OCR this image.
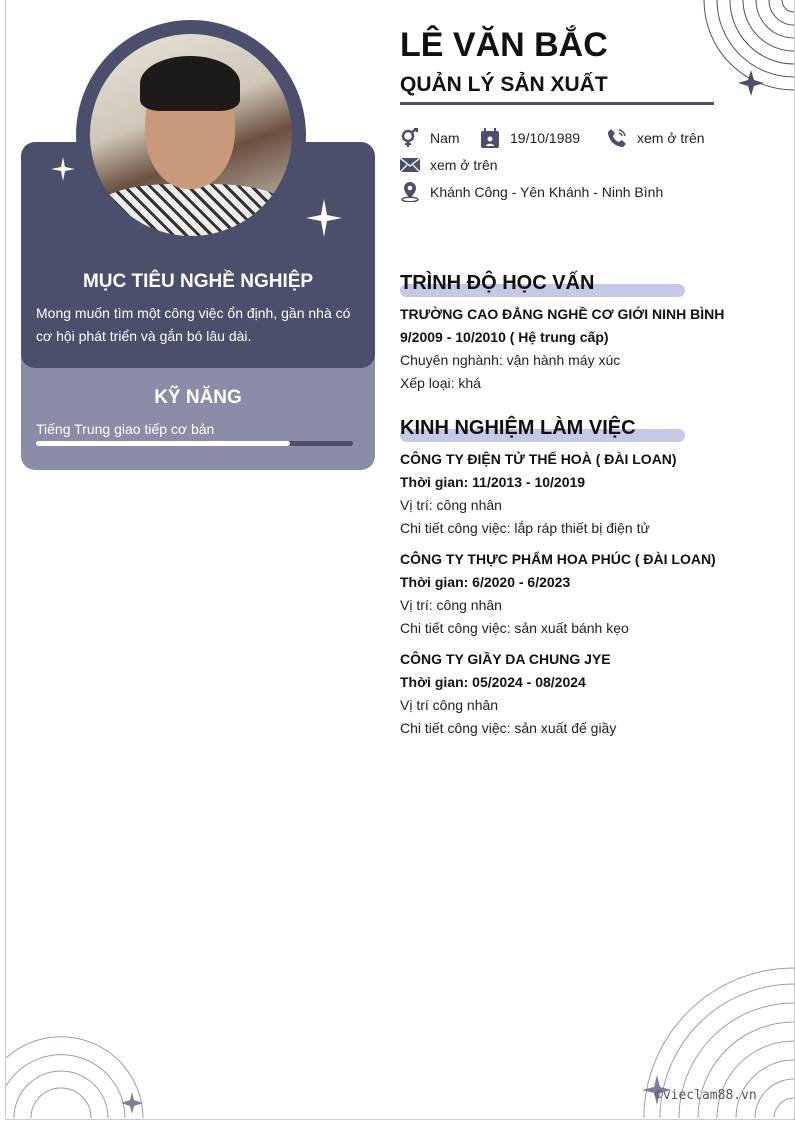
MỤC TIÊU NGHỀ NGHIỆP
Mong muốn tìm một công việc ổn định, gần nhà có cơ hội phát triển và gắn bó lâu dài.
KỸ NĂNG
Tiếng Trung giao tiếp cơ bản
LÊ VĂN BẮC
QUẢN LÝ SẢN XUẤT
Nam	19/10/1989	xem ở trên
xem ở trên
Khánh Công - Yên Khánh - Ninh Bình
TRÌNH ĐỘ HỌC VẤN
TRƯỜNG CAO ĐẲNG NGHỀ CƠ GIỚI NINH BÌNH
9/2009 - 10/2010 ( Hệ trung cấp)
Chuyên nghành: vận hành máy xúc
Xếp loại: khá
KINH NGHIỆM LÀM VIỆC
CÔNG TY ĐIỆN TỬ THẾ HOÀ ( ĐÀI LOAN)
Thời gian: 11/2013 - 10/2019
Vị trí: công nhân
Chi tiết công việc: lắp ráp thiết bị điện tử
CÔNG TY THỰC PHẨM HOA PHÚC ( ĐÀI LOAN)
Thời gian: 6/2020 - 6/2023
Vị trí: công nhân
Chi tiết công việc: sản xuất bánh kẹo
CÔNG TY GIẦY DA CHUNG JYE
Thời gian: 05/2024 - 08/2024
Vị trí công nhân
Chi tiết công việc: sản xuất đế giầy
©vieclam88.vn
